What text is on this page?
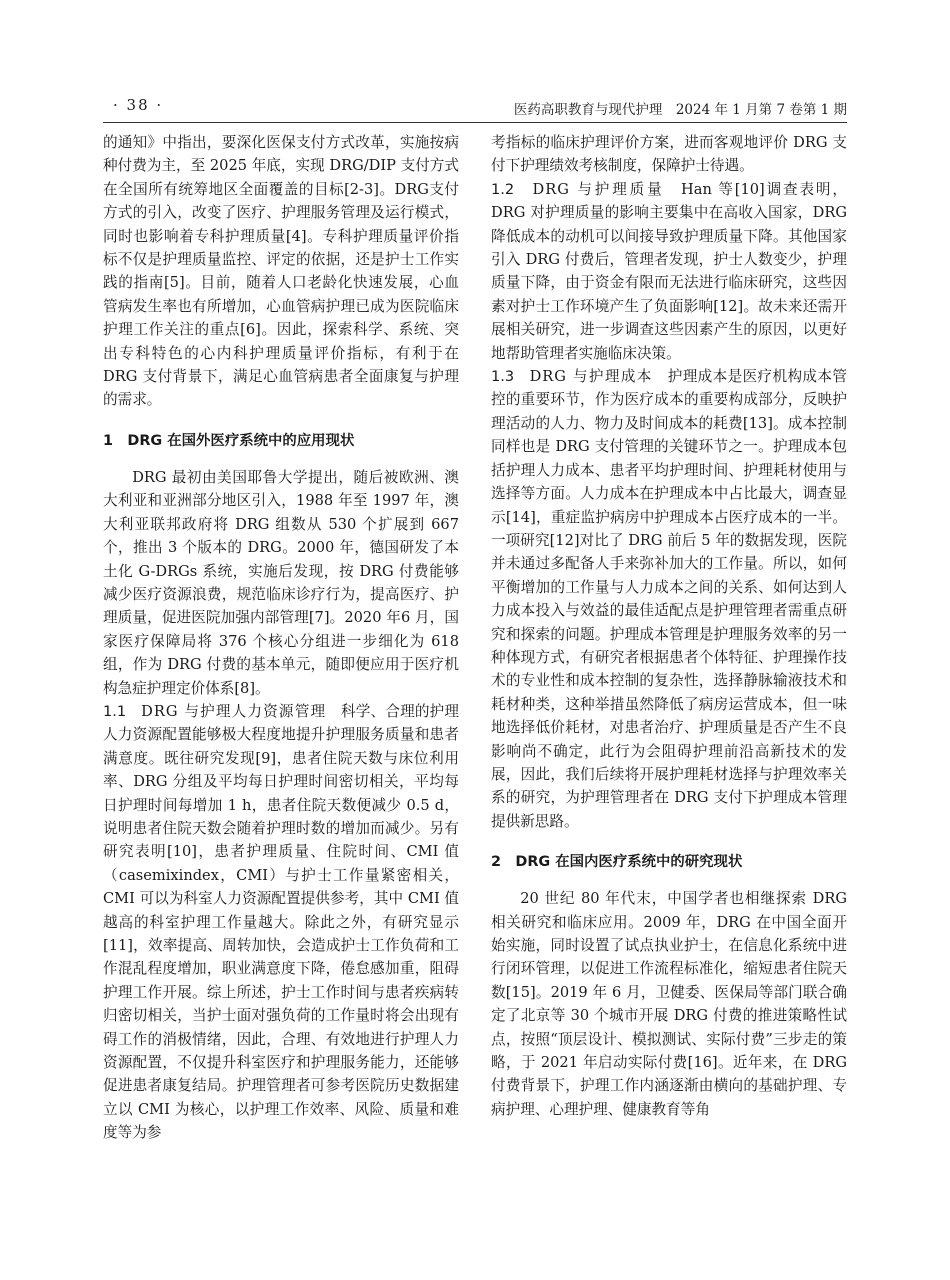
· 38 ·	医药高职教育与现代护理　2024 年 1 月第 7 卷第 1 期

的通知》中指出，要深化医保支付方式改革，实施按病种付费为主，至 2025 年底，实现 DRG/DIP 支付方式在全国所有统筹地区全面覆盖的目标[2-3]。DRG支付方式的引入，改变了医疗、护理服务管理及运行模式，同时也影响着专科护理质量[4]。专科护理质量评价指标不仅是护理质量监控、评定的依据，还是护士工作实践的指南[5]。目前，随着人口老龄化快速发展，心血管病发生率也有所增加，心血管病护理已成为医院临床护理工作关注的重点[6]。因此，探索科学、系统、突出专科特色的心内科护理质量评价指标，有利于在 DRG 支付背景下，满足心血管病患者全面康复与护理的需求。

1　DRG 在国外医疗系统中的应用现状

DRG 最初由美国耶鲁大学提出，随后被欧洲、澳大利亚和亚洲部分地区引入，1988 年至 1997 年，澳大利亚联邦政府将 DRG 组数从 530 个扩展到 667 个，推出 3 个版本的 DRG。2000 年，德国研发了本土化 G-DRGs 系统，实施后发现，按 DRG 付费能够减少医疗资源浪费，规范临床诊疗行为，提高医疗、护理质量，促进医院加强内部管理[7]。2020 年6 月，国家医疗保障局将 376 个核心分组进一步细化为 618 组，作为 DRG 付费的基本单元，随即便应用于医疗机构急症护理定价体系[8]。

1.1　 DRG 与护理人力资源管理　 科学、合理的护理人力资源配置能够极大程度地提升护理服务质量和患者满意度。既往研究发现[9]，患者住院天数与床位利用率、DRG 分组及平均每日护理时间密切相关，平均每日护理时间每增加 1 h，患者住院天数便减少 0.5 d，说明患者住院天数会随着护理时数的增加而减少。另有研究表明[10]，患者护理质量、住院时间、CMI 值（casemixindex，CMI）与护士工作量紧密相关，CMI 可以为科室人力资源配置提供参考，其中 CMI 值越高的科室护理工作量越大。除此之外，有研究显示[11]，效率提高、周转加快，会造成护士工作负荷和工作混乱程度增加，职业满意度下降，倦怠感加重，阻碍护理工作开展。综上所述，护士工作时间与患者疾病转归密切相关，当护士面对强负荷的工作量时将会出现有碍工作的消极情绪，因此，合理、有效地进行护理人力资源配置，不仅提升科室医疗和护理服务能力，还能够促进患者康复结局。护理管理者可参考医院历史数据建立以 CMI 为核心，以护理工作效率、风险、质量和难度等为参

考指标的临床护理评价方案，进而客观地评价 DRG 支付下护理绩效考核制度，保障护士待遇。

1.2　 DRG 与护理质量　 Han 等[10]调查表明，DRG 对护理质量的影响主要集中在高收入国家，DRG 降低成本的动机可以间接导致护理质量下降。其他国家引入 DRG 付费后，管理者发现，护士人数变少，护理质量下降，由于资金有限而无法进行临床研究，这些因素对护士工作环境产生了负面影响[12]。故未来还需开展相关研究，进一步调查这些因素产生的原因，以更好地帮助管理者实施临床决策。

1.3　 DRG 与护理成本　 护理成本是医疗机构成本管控的重要环节，作为医疗成本的重要构成部分，反映护理活动的人力、物力及时间成本的耗费[13]。成本控制同样也是 DRG 支付管理的关键环节之一。护理成本包括护理人力成本、患者平均护理时间、护理耗材使用与选择等方面。人力成本在护理成本中占比最大，调查显示[14]，重症监护病房中护理成本占医疗成本的一半。一项研究[12]对比了 DRG 前后 5 年的数据发现，医院并未通过多配备人手来弥补加大的工作量。所以，如何平衡增加的工作量与人力成本之间的关系、如何达到人力成本投入与效益的最佳适配点是护理管理者需重点研究和探索的问题。护理成本管理是护理服务效率的另一种体现方式，有研究者根据患者个体特征、护理操作技术的专业性和成本控制的复杂性，选择静脉输液技术和耗材种类，这种举措虽然降低了病房运营成本，但一味地选择低价耗材，对患者治疗、护理质量是否产生不良影响尚不确定，此行为会阻碍护理前沿高新技术的发展，因此，我们后续将开展护理耗材选择与护理效率关系的研究，为护理管理者在 DRG 支付下护理成本管理提供新思路。

2　DRG 在国内医疗系统中的研究现状

20 世纪 80 年代末，中国学者也相继探索 DRG 相关研究和临床应用。2009 年，DRG 在中国全面开始实施，同时设置了试点执业护士，在信息化系统中进行闭环管理，以促进工作流程标准化，缩短患者住院天数[15]。2019 年 6 月，卫健委、医保局等部门联合确定了北京等 30 个城市开展 DRG 付费的推进策略性试点，按照“顶层设计、模拟测试、实际付费”三步走的策略，于 2021 年启动实际付费[16]。近年来，在 DRG 付费背景下，护理工作内涵逐渐由横向的基础护理、专病护理、心理护理、健康教育等角
